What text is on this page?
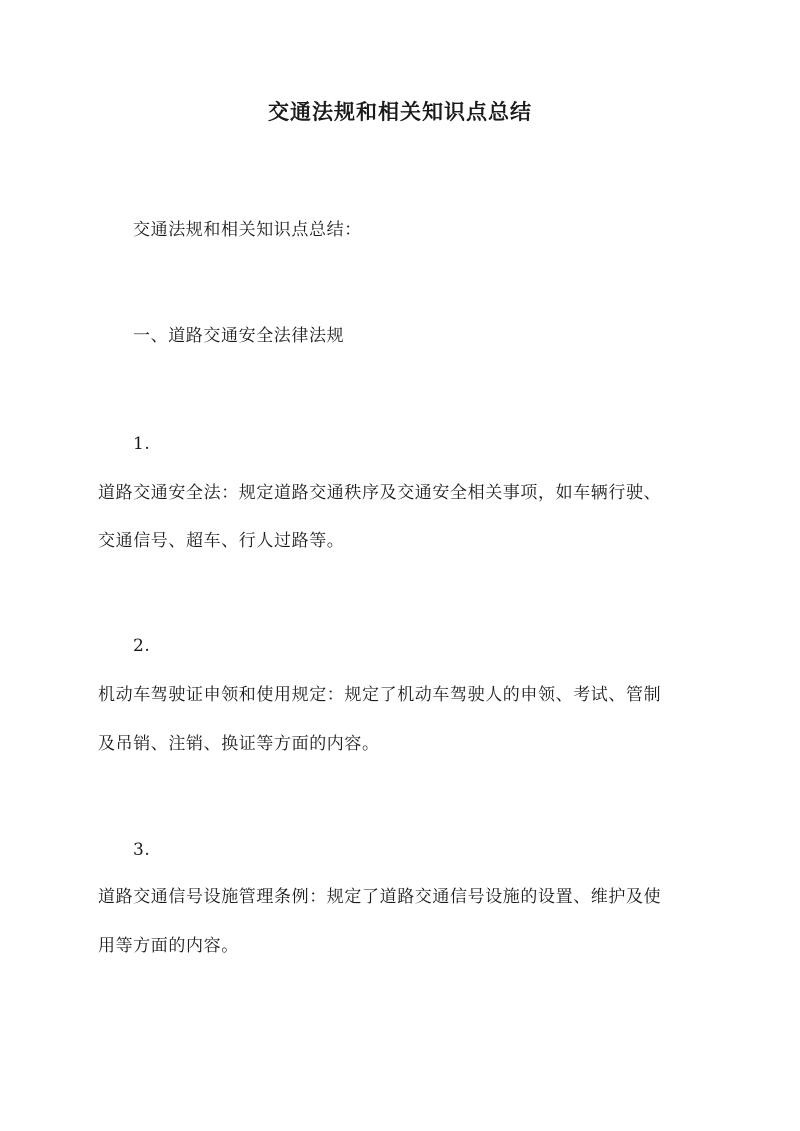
交通法规和相关知识点总结
交通法规和相关知识点总结：
一、道路交通安全法律法规
1.
道路交通安全法：规定道路交通秩序及交通安全相关事项，如车辆行驶、
交通信号、超车、行人过路等。
2.
机动车驾驶证申领和使用规定：规定了机动车驾驶人的申领、考试、管制
及吊销、注销、换证等方面的内容。
3.
道路交通信号设施管理条例：规定了道路交通信号设施的设置、维护及使
用等方面的内容。
